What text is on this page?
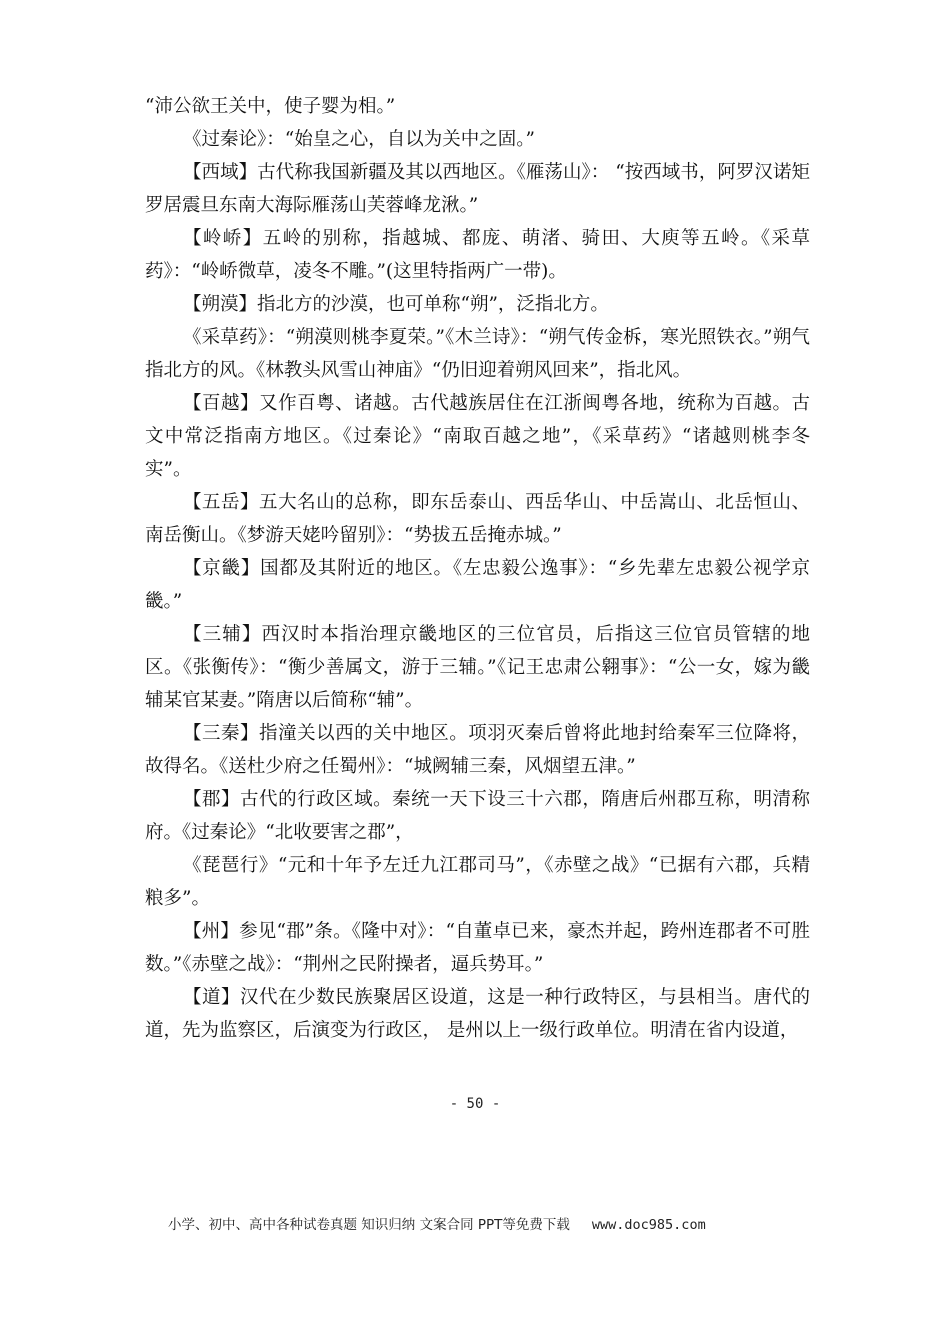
“沛公欲王关中，使子婴为相。”

《过秦论》：“始皇之心，自以为关中之固。”

【西域】古代称我国新疆及其以西地区。《雁荡山》： “按西域书，阿罗汉诺矩罗居震旦东南大海际雁荡山芙蓉峰龙湫。”

【岭峤】五岭的别称，指越城、都庞、萌渚、骑田、大庾等五岭。《采草药》：“岭峤微草，凌冬不雕。”(这里特指两广一带)。

【朔漠】指北方的沙漠，也可单称“朔”，泛指北方。

《采草药》：“朔漠则桃李夏荣。”《木兰诗》：“朔气传金柝，寒光照铁衣。”朔气指北方的风。《林教头风雪山神庙》“仍旧迎着朔风回来”，指北风。

【百越】又作百粤、诸越。古代越族居住在江浙闽粤各地，统称为百越。古文中常泛指南方地区。《过秦论》“南取百越之地”，《采草药》“诸越则桃李冬实”。

【五岳】五大名山的总称，即东岳泰山、西岳华山、中岳嵩山、北岳恒山、南岳衡山。《梦游天姥吟留别》：“势拔五岳掩赤城。”

【京畿】国都及其附近的地区。《左忠毅公逸事》：“乡先辈左忠毅公视学京畿。”

【三辅】西汉时本指治理京畿地区的三位官员，后指这三位官员管辖的地区。《张衡传》：“衡少善属文，游于三辅。”《记王忠肃公翱事》：“公一女，嫁为畿辅某官某妻。”隋唐以后简称“辅”。

【三秦】指潼关以西的关中地区。项羽灭秦后曾将此地封给秦军三位降将，故得名。《送杜少府之任蜀州》：“城阙辅三秦，风烟望五津。”

【郡】古代的行政区域。秦统一天下设三十六郡，隋唐后州郡互称，明清称府。《过秦论》“北收要害之郡”，

《琵琶行》“元和十年予左迁九江郡司马”，《赤壁之战》“已据有六郡，兵精粮多”。

【州】参见“郡”条。《隆中对》：“自董卓已来，豪杰并起，跨州连郡者不可胜数。”《赤壁之战》：“荆州之民附操者，逼兵势耳。”

【道】汉代在少数民族聚居区设道，这是一种行政特区，与县相当。唐代的道，先为监察区，后演变为行政区， 是州以上一级行政单位。明清在省内设道，

- 50 -
小学、初中、高中各种试卷真题 知识归纳 文案合同 PPT等免费下载 www.doc985.com
